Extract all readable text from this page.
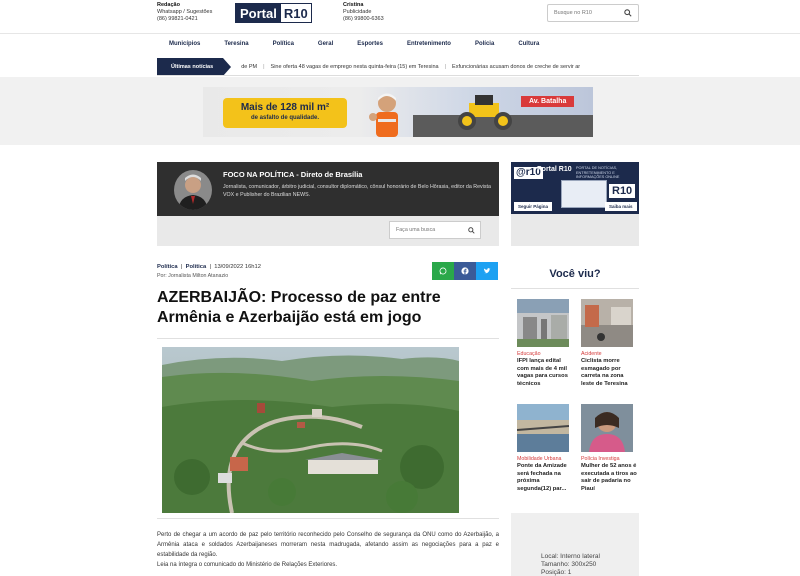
Redação
Whatsapp / Sugestões
(86) 99821-0421	Portal R10
Cristina
Publicidade
(86) 99800-6363
Busque no R10
Municípios	Teresina	Política	Geral	Esportes	Entretenimento	Polícia	Cultura
Últimas notícias	de PM	|	Sine oferta 48 vagas de emprego nesta quinta-feira (15) em Teresina	|	Exfuncionárias acusam donos de creche de servir ar
Mais de 128 mil m²
de asfalto de qualidade.
Av. Batalha
FOCO NA POLÍTICA - Direto de Brasília
Jornalista, comunicador, árbitro judicial, consultor diplomático, cônsul honorário de Belo Hôrasia, editor da Revista VOX e Publisher do Brazilian NEWS.
Faça uma busca
Política  |  Política  |  13/09/2022 16h12
Por: Jornalista Milton Atanazio
AZERBAIJÃO: Processo de paz entre Armênia e Azerbaijão está em jogo

Perto de chegar a um acordo de paz pelo território reconhecido pelo Conselho de segurança da ONU como do Azerbaijão, a Armênia ataca e soldados Azerbaijaneses morreram nesta madrugada, afetando assim as negociações para a paz e estabilidade da região.

Leia na íntegra o comunicado do Ministério de Relações Exteriores.

@r10
Portal R10 PORTAL DE NOTÍCIAS, ENTRETENIMENTO E INFORMAÇÕES ONLINE
R10
Seguir Página	Saiba mais
Você viu?
Educação
IFPI lança edital com mais de 4 mil vagas para cursos técnicos
Acidente
Ciclista morre esmagado por carreta na zona leste de Teresina
Mobilidade Urbana
Ponte da Amizade será fechada na próxima segunda(12) par...
Polícia Investiga
Mulher de 52 anos é executada a tiros ao sair de padaria no Piauí
Local: Interno lateral
Tamanho: 300x250
Posição: 1
